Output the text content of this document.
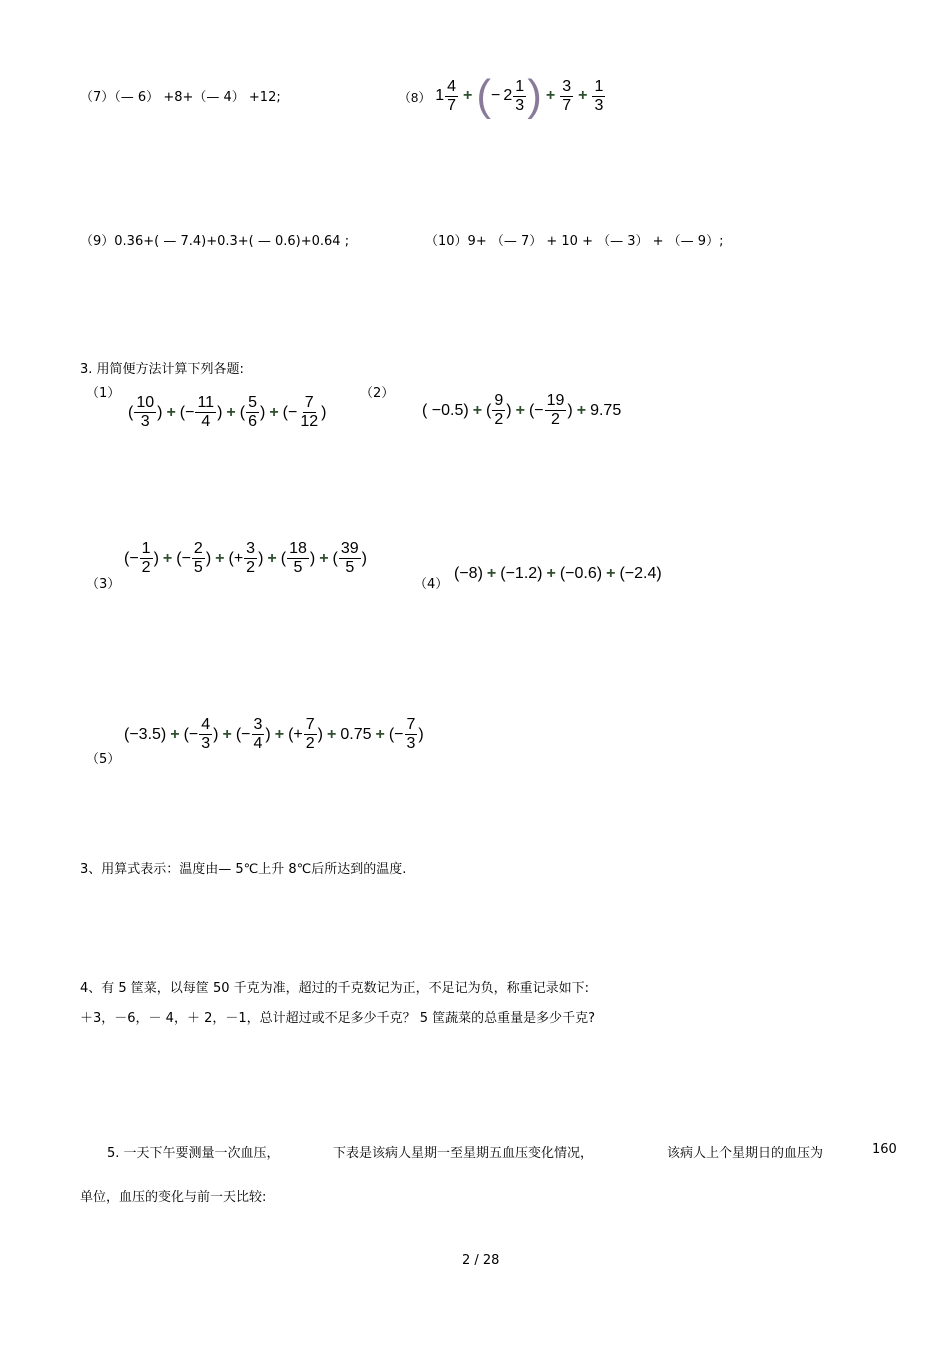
（7）（— 6） +8+（— 4） +12;	（8） $1 \frac{4}{7}$ + ( − $2 \frac{1}{3}$ ) + $\frac{3}{7} + \frac{1}{3}$
（9）0.36+( — 7.4)+0.3+( — 0.6)+0.64 ;	（10）9+ （— 7） + 10 + （— 3） + （— 9）;
3. 用简便方法计算下列各题:
（1）
( $\frac{10}{3}$ ) + (− $\frac{11}{4}$ ) + ( $\frac{5}{6}$ ) + (− $\frac{7}{12}$ )
（2）
( −0.5) + ( $\frac{9}{2}$ ) + (− $\frac{19}{2}$ ) + 9.75
（3）
(− $\frac{1}{2}$ ) + (− $\frac{2}{5}$ ) + (+ $\frac{3}{2}$ ) + ( $\frac{18}{5}$ ) + ( $\frac{39}{5}$ )
（4）
(−8) + (−1.2) + (−0.6) + (−2.4)
（5）
(−3.5) + (− $\frac{4}{3}$ ) + (− $\frac{3}{4}$ ) + (+ $\frac{7}{2}$ ) + 0.75 + (− $\frac{7}{3}$ )
3、用算式表示：温度由— 5℃上升 8℃后所达到的温度.
4、有 5 筐菜，以每筐 50 千克为准，超过的千克数记为正，不足记为负，称重记录如下:
＋3，－6，－ 4，＋ 2，－1，总计超过或不足多少千克？ 5 筐蔬菜的总重量是多少千克?
5. 一天下午要测量一次血压，	下表是该病人星期一至星期五血压变化情况，	该病人上个星期日的血压为	160
单位，血压的变化与前一天比较:
2 / 28
